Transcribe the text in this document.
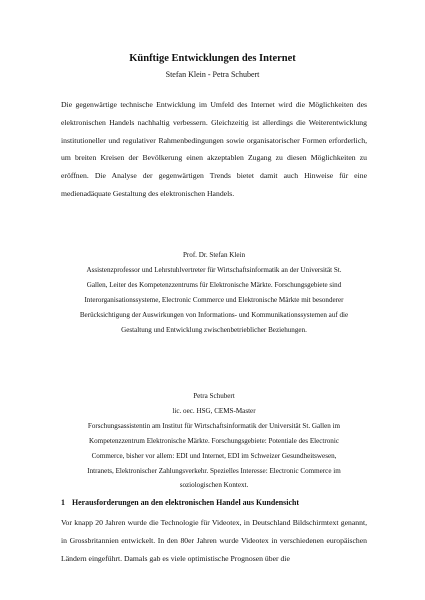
Künftige Entwicklungen des Internet
Stefan Klein - Petra Schubert

Die gegenwärtige technische Entwicklung im Umfeld des Internet wird die Möglichkeiten des elektronischen Handels nachhaltig verbessern. Gleichzeitig ist allerdings die Weiterentwicklung institutioneller und regulativer Rahmenbedingungen sowie organisatorischer Formen erforderlich, um breiten Kreisen der Bevölkerung einen akzeptablen Zugang zu diesen Möglichkeiten zu eröffnen. Die Analyse der gegenwärtigen Trends bietet damit auch Hinweise für eine medienadäquate Gestaltung des elektronischen Handels.

Prof. Dr. Stefan Klein
Assistenzprofessor und Lehrstuhlvertreter für Wirtschaftsinformatik an der Universität St.
Gallen, Leiter des Kompetenzzentrums für Elektronische Märkte. Forschungsgebiete sind
Interorganisationssysteme, Electronic Commerce und Elektronische Märkte mit besonderer
Berücksichtigung der Auswirkungen von Informations- und Kommunikationssystemen auf die
Gestaltung und Entwicklung zwischenbetrieblicher Beziehungen.
Petra Schubert
lic. oec. HSG, CEMS-Master
Forschungsassistentin am Institut für Wirtschaftsinformatik der Universität St. Gallen im
Kompetenzzentrum Elektronische Märkte. Forschungsgebiete: Potentiale des Electronic
Commerce, bisher vor allem: EDI und Internet, EDI im Schweizer Gesundheitswesen,
Intranets, Elektronischer Zahlungsverkehr. Spezielles Interesse: Electronic Commerce im
soziologischen Kontext.
1 Herausforderungen an den elektronischen Handel aus Kundensicht

Vor knapp 20 Jahren wurde die Technologie für Videotex, in Deutschland Bildschirmtext genannt, in Grossbritannien entwickelt. In den 80er Jahren wurde Videotex in verschiedenen europäischen Ländern eingeführt. Damals gab es viele optimistische Prognosen über die
